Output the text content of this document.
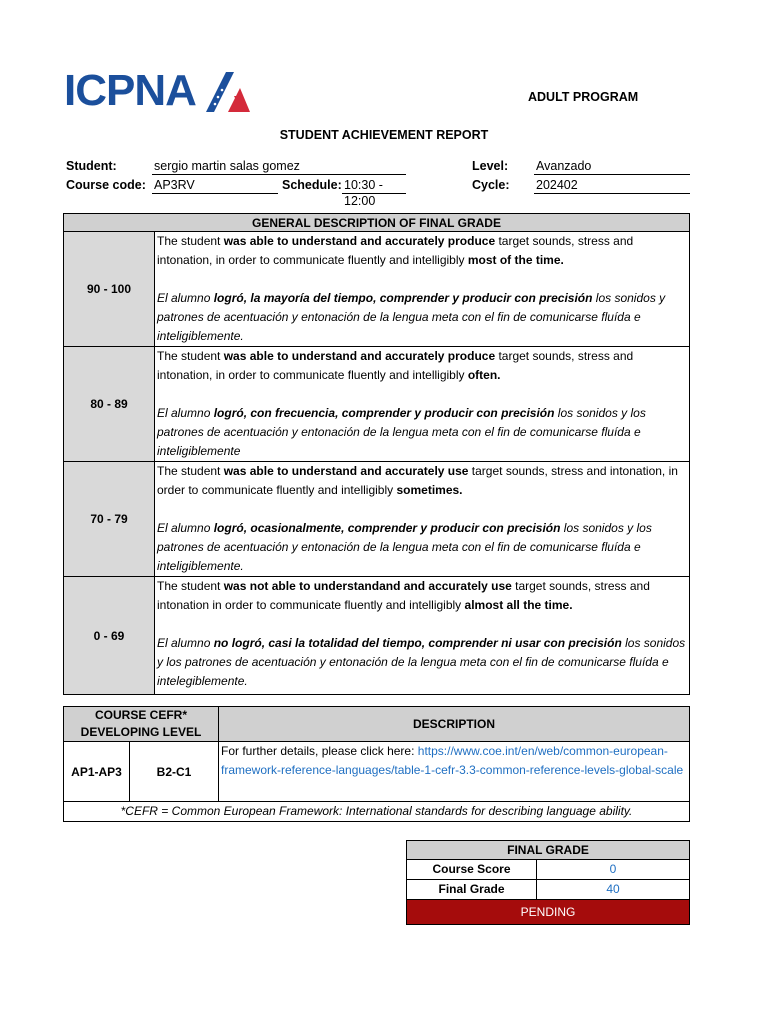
ICPNA	ADULT PROGRAM
STUDENT ACHIEVEMENT REPORT
Student:	sergio martin salas gomez
Course code: AP3RV	Schedule: 10:30 - 12:00
Level: Avanzado
Cycle: 202402
GENERAL DESCRIPTION OF FINAL GRADE	
90 - 100	The student was able to understand and accurately produce target sounds, stress and intonation, in order to communicate fluently and intelligibly most of the time.

El alumno logró, la mayoría del tiempo, comprender y producir con precisión los sonidos y patrones de acentuación y entonación de la lengua meta con el fin de comunicarse fluída e inteligiblemente.

80 - 89	The student was able to understand and accurately produce target sounds, stress and intonation, in order to communicate fluently and intelligibly often.

El alumno logró, con frecuencia, comprender y producir con precisión los sonidos y los patrones de acentuación y entonación de la lengua meta con el fin de comunicarse fluída e inteligiblemente

70 - 79	The student was able to understand and accurately use target sounds, stress and intonation, in order to communicate fluently and intelligibly sometimes.

El alumno logró, ocasionalmente, comprender y producir con precisión los sonidos y los patrones de acentuación y entonación de la lengua meta con el fin de comunicarse fluída e inteligiblemente.

0 - 69	The student was not able to understandand and accurately use target sounds, stress and intonation in order to communicate fluently and intelligibly almost all the time.

El alumno no logró, casi la totalidad del tiempo, comprender ni usar con precisión los sonidos y los patrones de acentuación y entonación de la lengua meta con el fin de comunicarse fluída e intelegiblemente.

COURSE CEFR* DEVELOPING LEVEL		DESCRIPTION
AP1-AP3	B2-C1	For further details, please click here: https://www.coe.int/en/web/common-european-framework-reference-languages/table-1-cefr-3.3-common-reference-levels-global-scale
*CEFR = Common European Framework: International standards for describing language ability.		
FINAL GRADE	
Course Score	0
Final Grade	40
PENDING	
